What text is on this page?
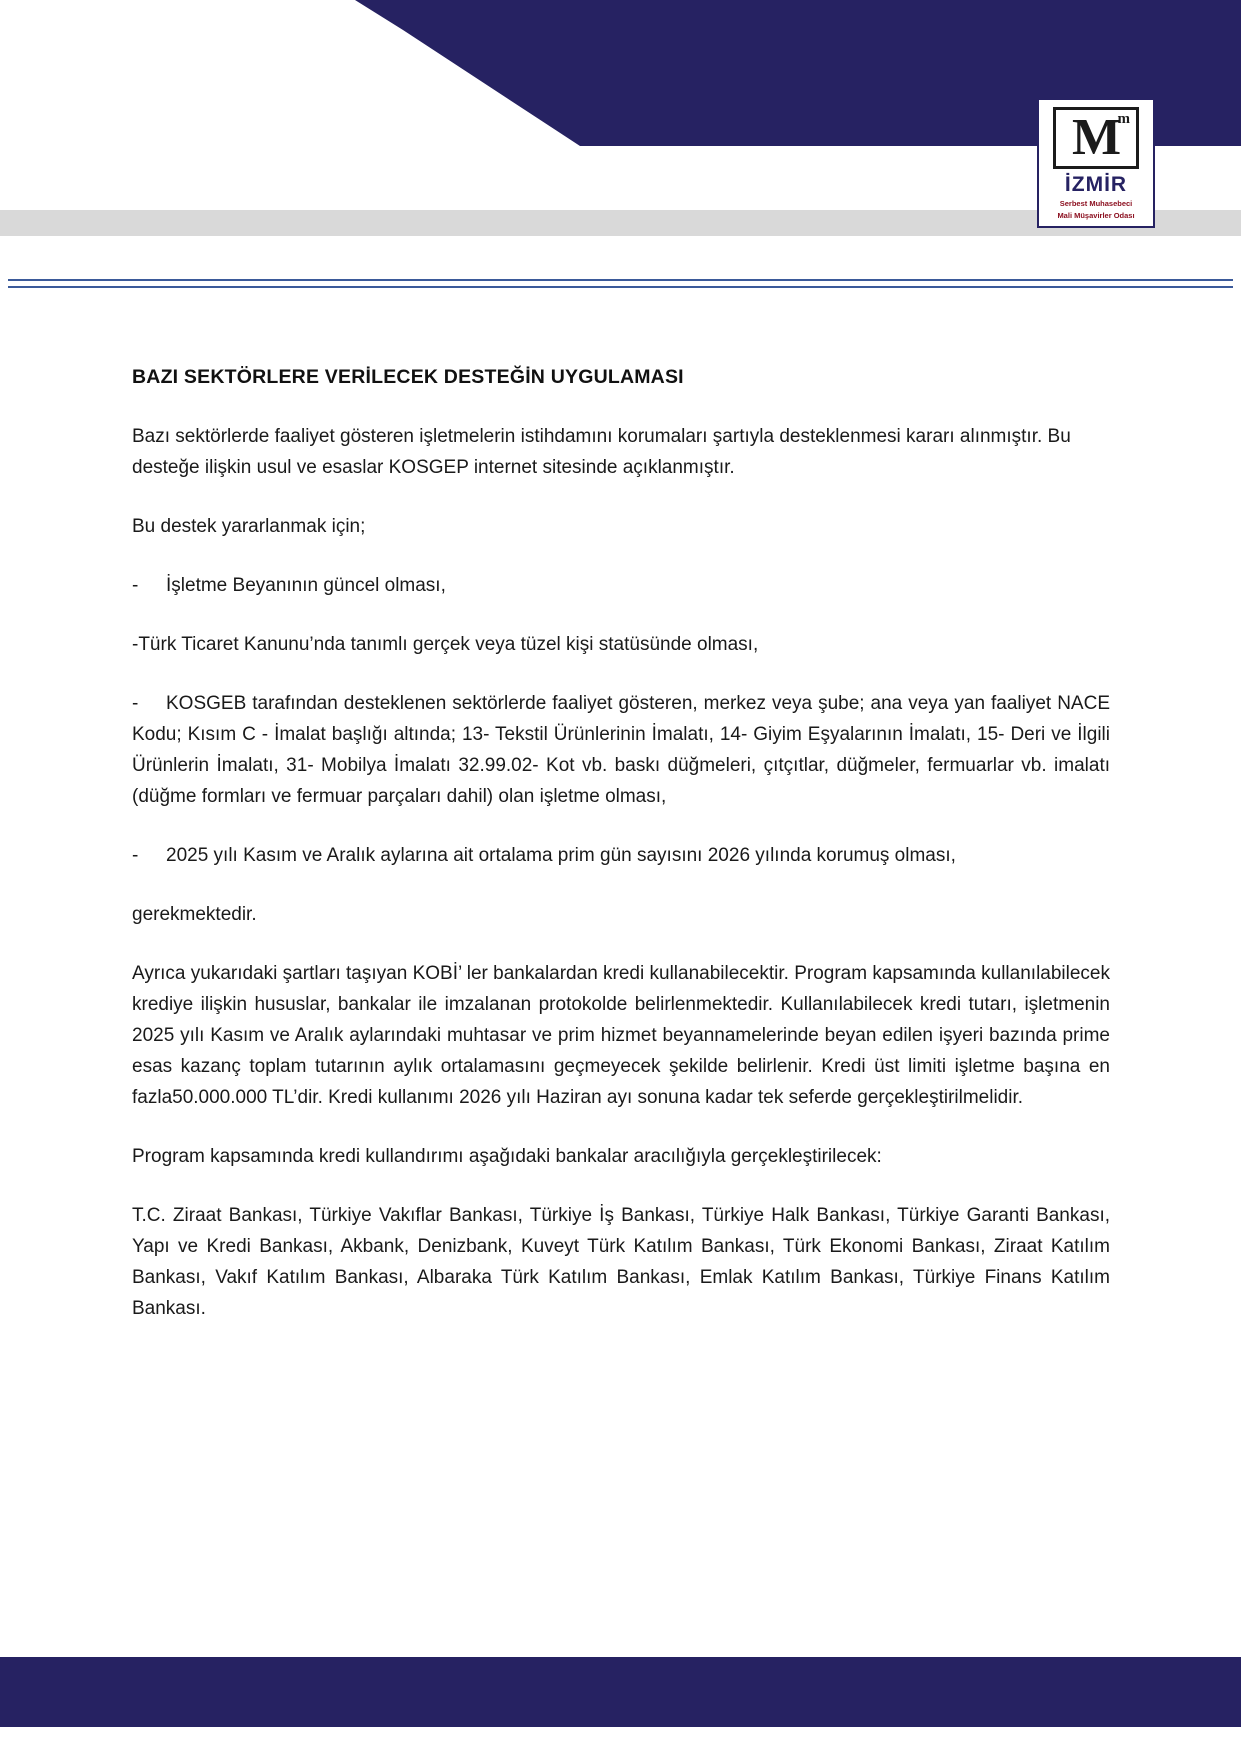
M
m
İZMİR
Serbest Muhasebeci
Mali Müşavirler Odası
BAZI SEKTÖRLERE VERİLECEK DESTEĞİN UYGULAMASI

Bazı sektörlerde faaliyet gösteren işletmelerin istihdamını korumaları şartıyla desteklenmesi kararı alınmıştır. Bu desteğe ilişkin usul ve esaslar KOSGEP internet sitesinde açıklanmıştır.

Bu destek yararlanmak için;

- İşletme Beyanının güncel olması,

-Türk Ticaret Kanunu’nda tanımlı gerçek veya tüzel kişi statüsünde olması,

- KOSGEB tarafından desteklenen sektörlerde faaliyet gösteren, merkez veya şube; ana veya yan faaliyet NACE Kodu; Kısım C - İmalat başlığı altında; 13- Tekstil Ürünlerinin İmalatı, 14- Giyim Eşyalarının İmalatı, 15- Deri ve İlgili Ürünlerin İmalatı, 31- Mobilya İmalatı 32.99.02- Kot vb. baskı düğmeleri, çıtçıtlar, düğmeler, fermuarlar vb. imalatı (düğme formları ve fermuar parçaları dahil) olan işletme olması,

- 2025 yılı Kasım ve Aralık aylarına ait ortalama prim gün sayısını 2026 yılında korumuş olması,

gerekmektedir.

Ayrıca yukarıdaki şartları taşıyan KOBİ’ ler bankalardan kredi kullanabilecektir. Program kapsamında kullanılabilecek krediye ilişkin hususlar, bankalar ile imzalanan protokolde belirlenmektedir. Kullanılabilecek kredi tutarı, işletmenin 2025 yılı Kasım ve Aralık aylarındaki muhtasar ve prim hizmet beyannamelerinde beyan edilen işyeri bazında prime esas kazanç toplam tutarının aylık ortalamasını geçmeyecek şekilde belirlenir. Kredi üst limiti işletme başına en fazla50.000.000 TL’dir. Kredi kullanımı 2026 yılı Haziran ayı sonuna kadar tek seferde gerçekleştirilmelidir.

Program kapsamında kredi kullandırımı aşağıdaki bankalar aracılığıyla gerçekleştirilecek:

T.C. Ziraat Bankası, Türkiye Vakıflar Bankası, Türkiye İş Bankası, Türkiye Halk Bankası, Türkiye Garanti Bankası, Yapı ve Kredi Bankası, Akbank, Denizbank, Kuveyt Türk Katılım Bankası, Türk Ekonomi Bankası, Ziraat Katılım Bankası, Vakıf Katılım Bankası, Albaraka Türk Katılım Bankası, Emlak Katılım Bankası, Türkiye Finans Katılım Bankası.
